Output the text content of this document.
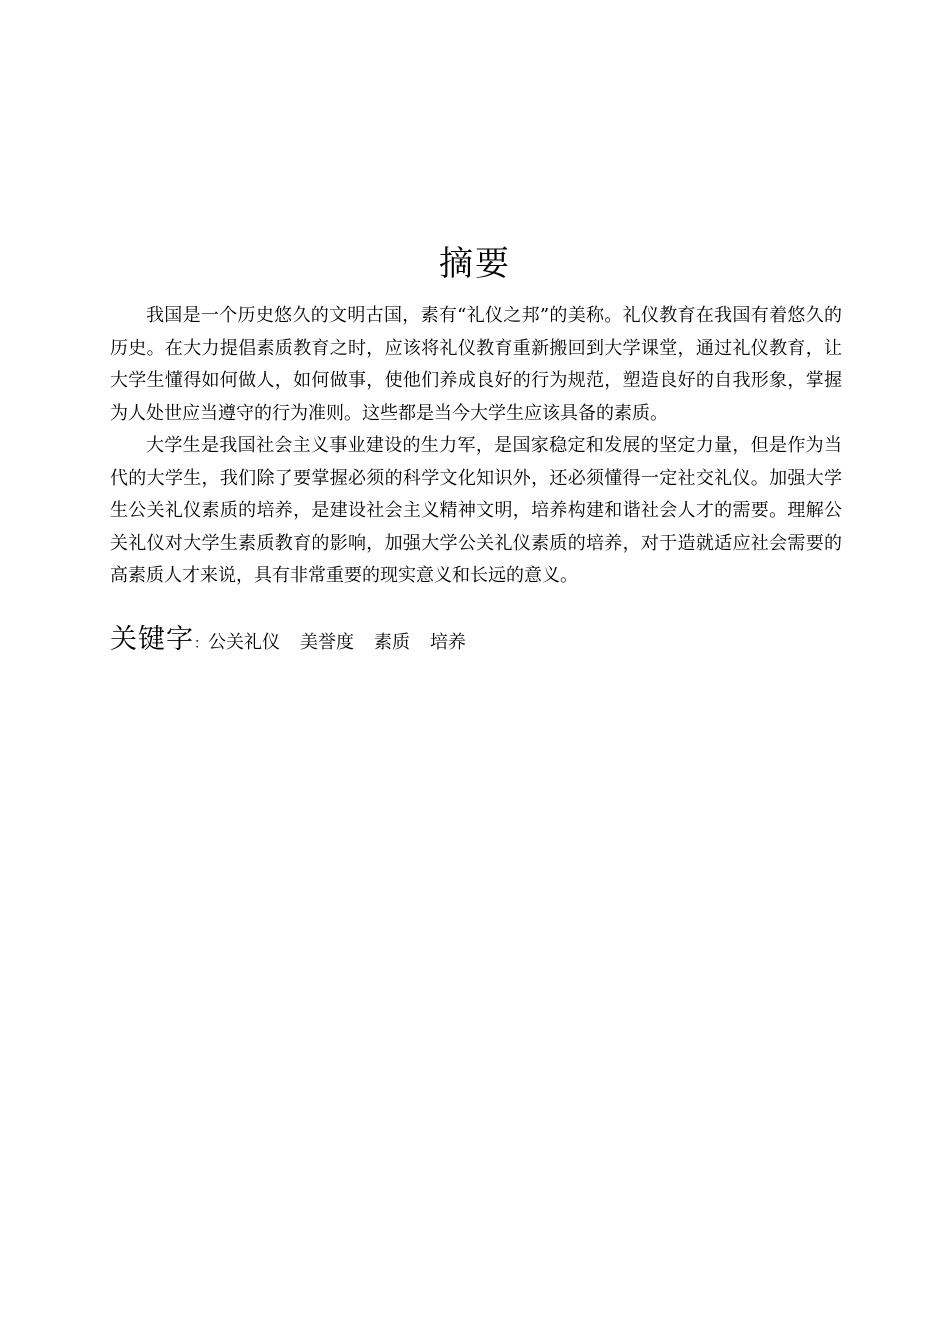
摘要

我国是一个历史悠久的文明古国，素有“礼仪之邦”的美称。礼仪教育在我国有着悠久的历史。在大力提倡素质教育之时，应该将礼仪教育重新搬回到大学课堂，通过礼仪教育，让大学生懂得如何做人，如何做事，使他们养成良好的行为规范，塑造良好的自我形象，掌握为人处世应当遵守的行为准则。这些都是当今大学生应该具备的素质。

大学生是我国社会主义事业建设的生力军，是国家稳定和发展的坚定力量，但是作为当代的大学生，我们除了要掌握必须的科学文化知识外，还必须懂得一定社交礼仪。加强大学生公关礼仪素质的培养，是建设社会主义精神文明，培养构建和谐社会人才的需要。理解公关礼仪对大学生素质教育的影响，加强大学公关礼仪素质的培养，对于造就适应社会需要的高素质人才来说，具有非常重要的现实意义和长远的意义。

关键字：公关礼仪 美誉度 素质 培养
